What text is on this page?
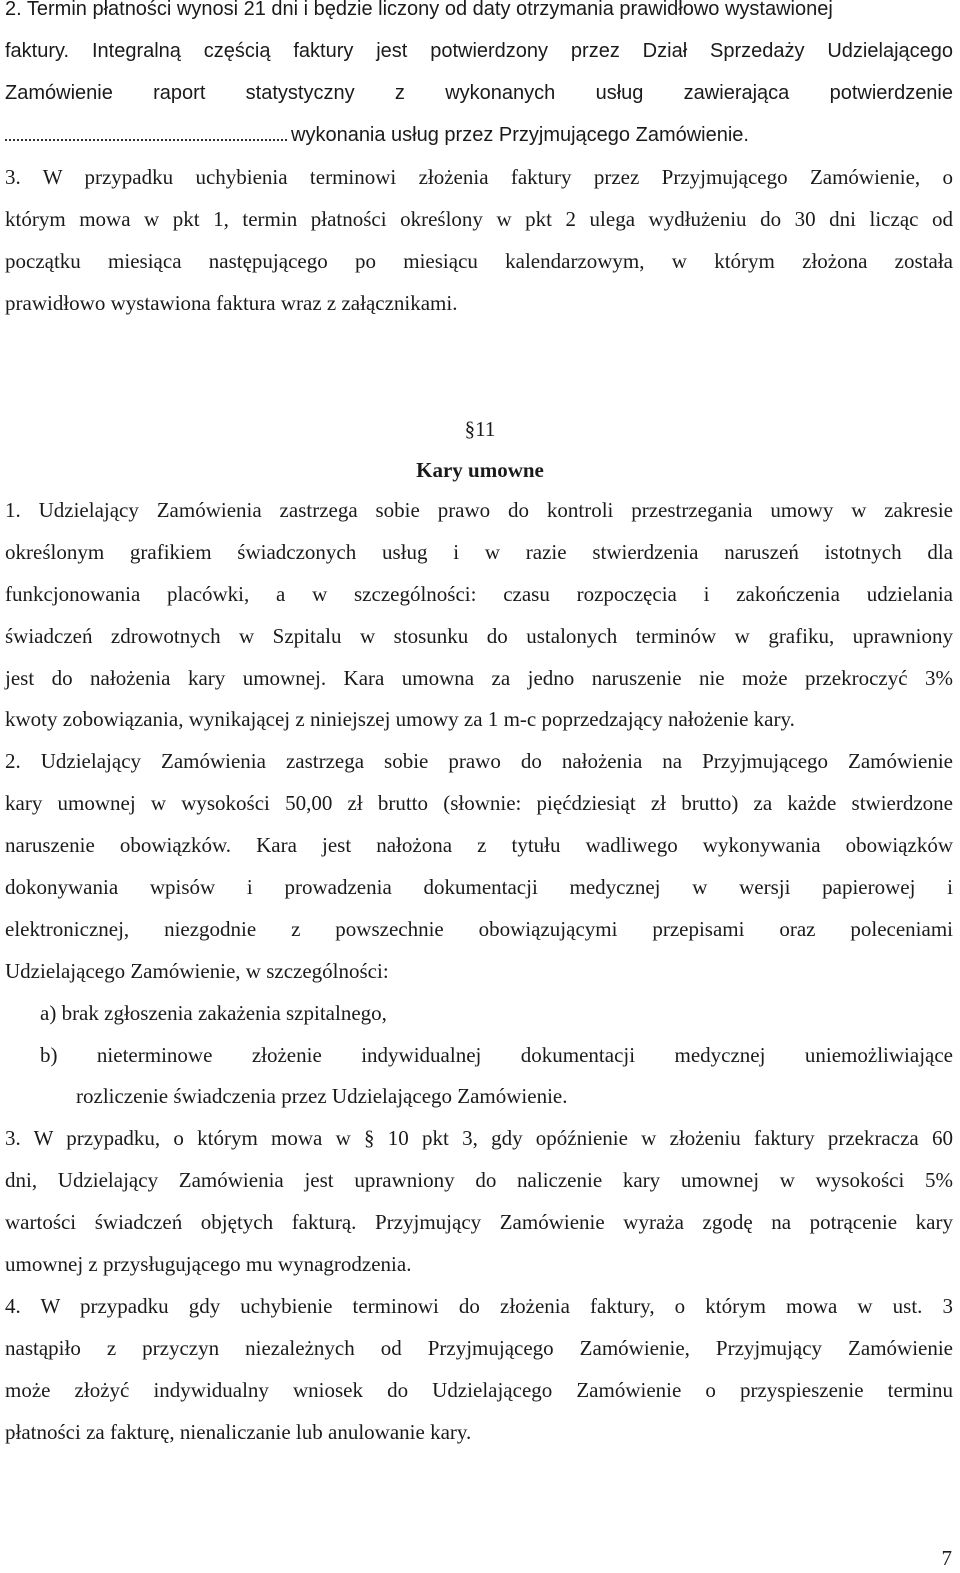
2. Termin płatności wynosi 21 dni i będzie liczony od daty otrzymania prawidłowo wystawionej
faktury. Integralną częścią faktury jest potwierdzony przez Dział Sprzedaży Udzielającego
Zamówienie raport statystyczny z wykonanych usług zawierająca potwierdzenie
wykonania usług przez Przyjmującego Zamówienie.
3. W przypadku uchybienia terminowi złożenia faktury przez Przyjmującego Zamówienie, o
którym mowa w pkt 1, termin płatności określony w pkt 2 ulega wydłużeniu do 30 dni licząc od
początku miesiąca następującego po miesiącu kalendarzowym, w którym złożona została
prawidłowo wystawiona faktura wraz z załącznikami.
§11
Kary umowne
1. Udzielający Zamówienia zastrzega sobie prawo do kontroli przestrzegania umowy w zakresie
określonym grafikiem świadczonych usług i w razie stwierdzenia naruszeń istotnych dla
funkcjonowania placówki, a w szczególności: czasu rozpoczęcia i zakończenia udzielania
świadczeń zdrowotnych w Szpitalu w stosunku do ustalonych terminów w grafiku, uprawniony
jest do nałożenia kary umownej. Kara umowna za jedno naruszenie nie może przekroczyć 3%
kwoty zobowiązania, wynikającej z niniejszej umowy za 1 m-c poprzedzający nałożenie kary.
2. Udzielający Zamówienia zastrzega sobie prawo do nałożenia na Przyjmującego Zamówienie
kary umownej w wysokości 50,00 zł brutto (słownie: pięćdziesiąt zł brutto) za każde stwierdzone
naruszenie obowiązków. Kara jest nałożona z tytułu wadliwego wykonywania obowiązków
dokonywania wpisów i prowadzenia dokumentacji medycznej w wersji papierowej i
elektronicznej, niezgodnie z powszechnie obowiązującymi przepisami oraz poleceniami
Udzielającego Zamówienie, w szczególności:
a) brak zgłoszenia zakażenia szpitalnego,
b) nieterminowe złożenie indywidualnej dokumentacji medycznej uniemożliwiające
rozliczenie świadczenia przez Udzielającego Zamówienie.
3. W przypadku, o którym mowa w § 10 pkt 3, gdy opóźnienie w złożeniu faktury przekracza 60
dni, Udzielający Zamówienia jest uprawniony do naliczenie kary umownej w wysokości 5%
wartości świadczeń objętych fakturą. Przyjmujący Zamówienie wyraża zgodę na potrącenie kary
umownej z przysługującego mu wynagrodzenia.
4. W przypadku gdy uchybienie terminowi do złożenia faktury, o którym mowa w ust. 3
nastąpiło z przyczyn niezależnych od Przyjmującego Zamówienie, Przyjmujący Zamówienie
może złożyć indywidualny wniosek do Udzielającego Zamówienie o przyspieszenie terminu
płatności za fakturę, nienaliczanie lub anulowanie kary.
7
